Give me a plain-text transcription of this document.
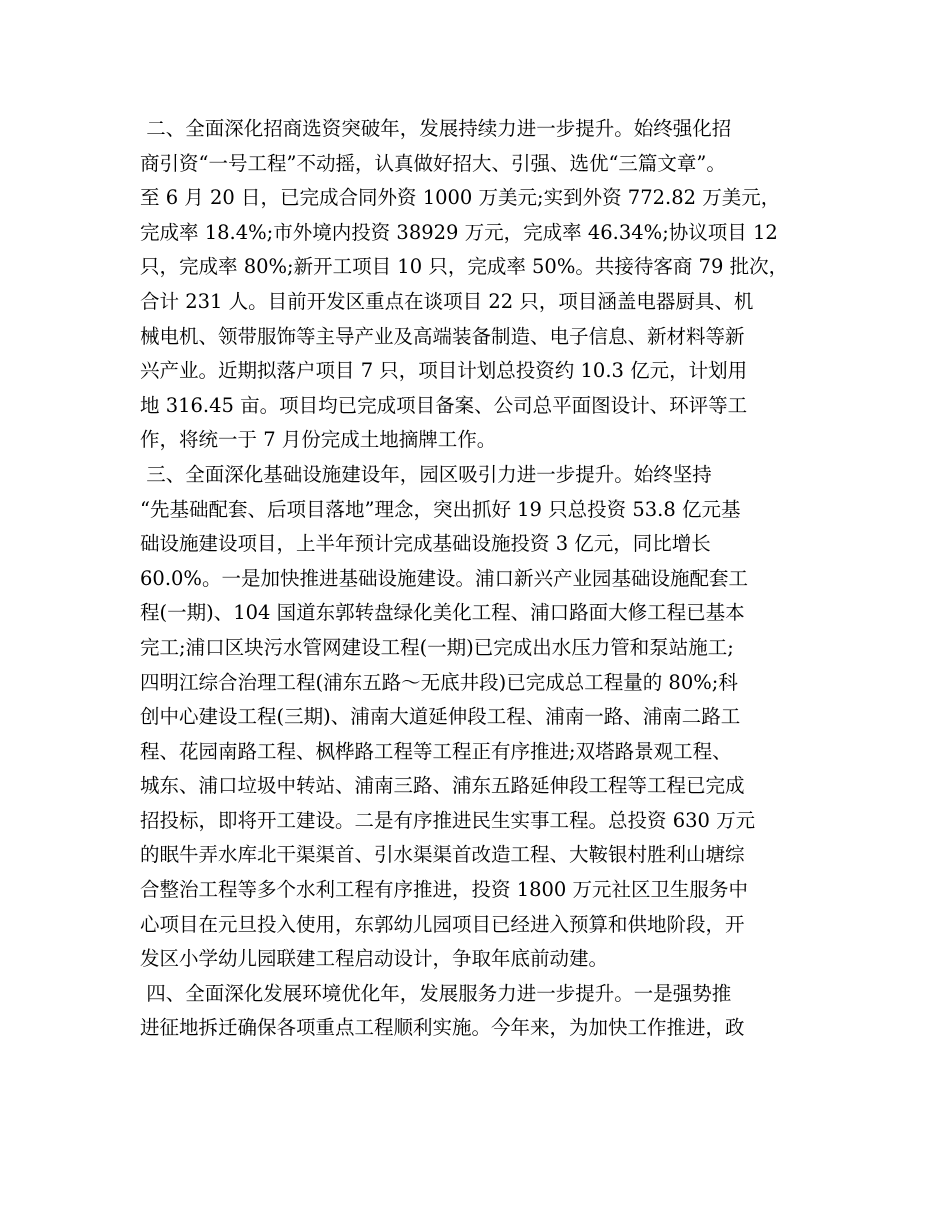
二、全面深化招商选资突破年，发展持续力进一步提升。始终强化招
商引资“一号工程”不动摇，认真做好招大、引强、选优“三篇文章”。
至 6 月 20 日，已完成合同外资 1000 万美元;实到外资 772.82 万美元，
完成率 18.4%;市外境内投资 38929 万元，完成率 46.34%;协议项目 12
只，完成率 80%;新开工项目 10 只，完成率 50%。共接待客商 79 批次，
合计 231 人。目前开发区重点在谈项目 22 只，项目涵盖电器厨具、机
械电机、领带服饰等主导产业及高端装备制造、电子信息、新材料等新
兴产业。近期拟落户项目 7 只，项目计划总投资约 10.3 亿元，计划用
地 316.45 亩。项目均已完成项目备案、公司总平面图设计、环评等工
作，将统一于 7 月份完成土地摘牌工作。
三、全面深化基础设施建设年，园区吸引力进一步提升。始终坚持
“先基础配套、后项目落地”理念，突出抓好 19 只总投资 53.8 亿元基
础设施建设项目，上半年预计完成基础设施投资 3 亿元，同比增长
60.0%。一是加快推进基础设施建设。浦口新兴产业园基础设施配套工
程(一期)、104 国道东郭转盘绿化美化工程、浦口路面大修工程已基本
完工;浦口区块污水管网建设工程(一期)已完成出水压力管和泵站施工;
四明江综合治理工程(浦东五路～无底井段)已完成总工程量的 80%;科
创中心建设工程(三期)、浦南大道延伸段工程、浦南一路、浦南二路工
程、花园南路工程、枫桦路工程等工程正有序推进;双塔路景观工程、
城东、浦口垃圾中转站、浦南三路、浦东五路延伸段工程等工程已完成
招投标，即将开工建设。二是有序推进民生实事工程。总投资 630 万元
的眠牛弄水库北干渠渠首、引水渠渠首改造工程、大鞍银村胜利山塘综
合整治工程等多个水利工程有序推进，投资 1800 万元社区卫生服务中
心项目在元旦投入使用，东郭幼儿园项目已经进入预算和供地阶段，开
发区小学幼儿园联建工程启动设计，争取年底前动建。
四、全面深化发展环境优化年，发展服务力进一步提升。一是强势推
进征地拆迁确保各项重点工程顺利实施。今年来，为加快工作推进，政
